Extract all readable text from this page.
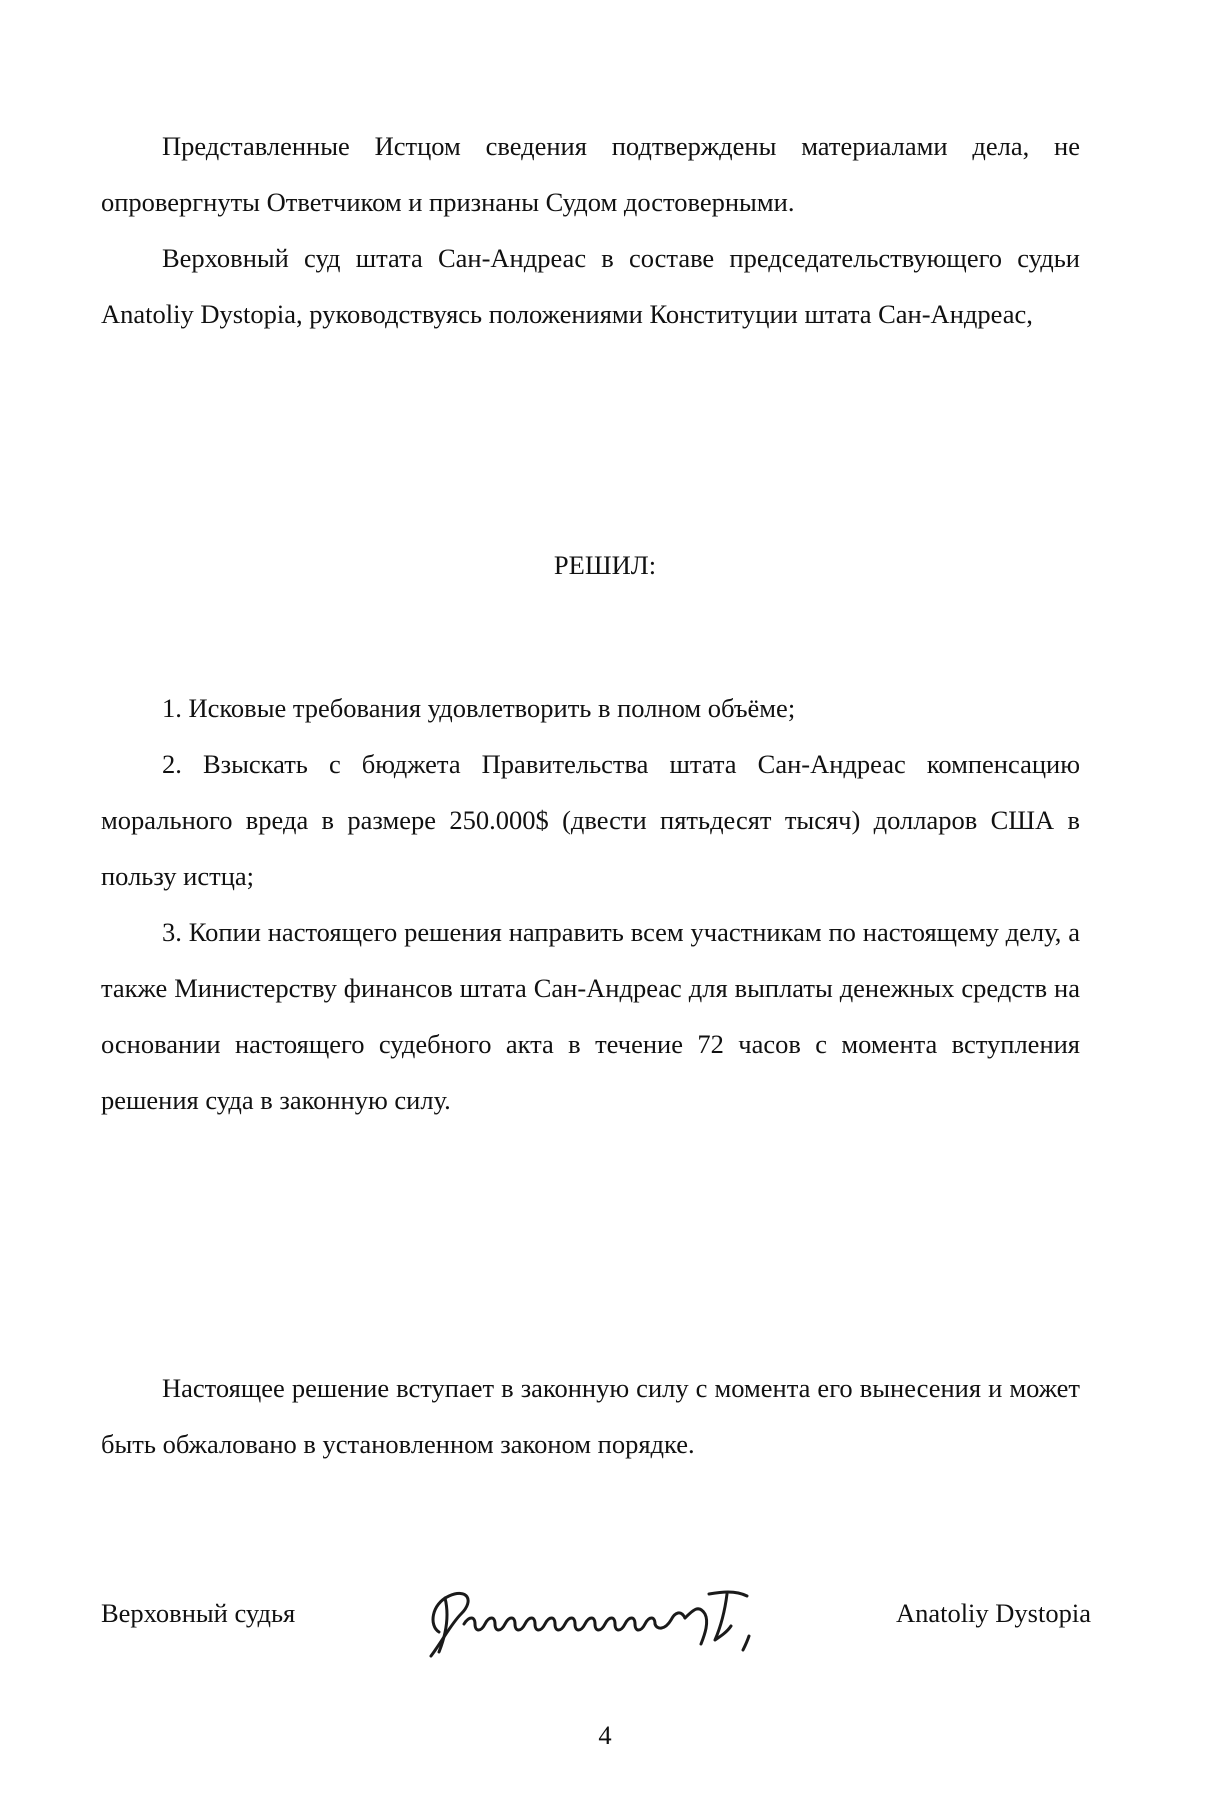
Представленные Истцом сведения подтверждены материалами дела, не опровергнуты Ответчиком и признаны Судом достоверными.

Верховный суд штата Сан-Андреас в составе председательствующего судьи Anatoliy Dystopia, руководствуясь положениями Конституции штата Сан-Андреас,

РЕШИЛ:

1. Исковые требования удовлетворить в полном объёме;

2. Взыскать с бюджета Правительства штата Сан-Андреас компенсацию морального вреда в размере 250.000$ (двести пятьдесят тысяч) долларов США в пользу истца;

3. Копии настоящего решения направить всем участникам по настоящему делу, а также Министерству финансов штата Сан-Андреас для выплаты денежных средств на основании настоящего судебного акта в течение 72 часов с момента вступления решения суда в законную силу.

Настоящее решение вступает в законную силу с момента его вынесения и может быть обжаловано в установленном законом порядке.

Верховный судья	Anatoliy Dystopia
4
